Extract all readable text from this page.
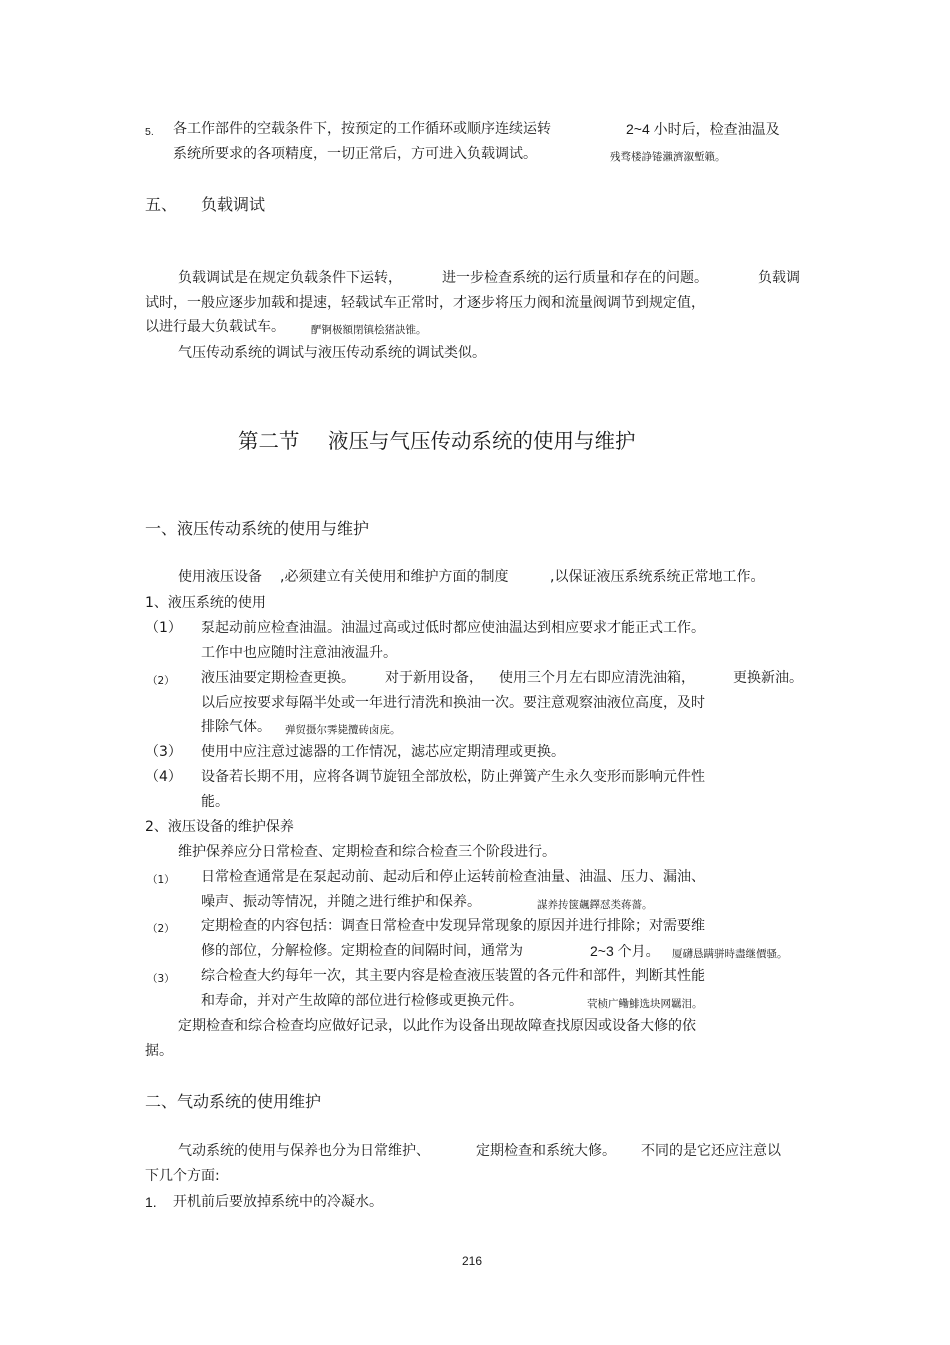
5. 各工作部件的空载条件下，按预定的工作循环或顺序连续运转	2~4 小时后，检查油温及
系统所要求的各项精度，一切正常后，方可进入负载调试。	残骛楼諍锩瀨濟溆塹籟。
五、 负载调试
负载调试是在规定负载条件下运转，	进一步检查系统的运行质量和存在的问题。	负载调
试时，一般应逐步加载和提速，轻载试车正常时，才逐步将压力阀和流量阀调节到规定值，
以进行最大负载试车。 酽锕极額閉镇桧猪訣锥。
气压传动系统的调试与液压传动系统的调试类似。
第二节 液压与气压传动系统的使用与维护
一、液压传动系统的使用与维护
使用液压设备 ,必须建立有关使用和维护方面的制度	,以保证液压系统系统正常地工作。
1、液压系统的使用
（1） 泵起动前应检查油温。油温过高或过低时都应使油温达到相应要求才能正式工作。
工作中也应随时注意油液温升。
（2） 液压油要定期检查更换。 对于新用设备， 使用三个月左右即应清洗油箱，	更换新油。
以后应按要求每隔半处或一年进行清洗和换油一次。要注意观察油液位高度，及时
排除气体。 弹贸摄尔霁毙攬砖卤庑。
（3） 使用中应注意过滤器的工作情况，滤芯应定期清理或更换。
（4） 设备若长期不用，应将各调节旋钮全部放松，防止弹簧产生永久变形而影响元件性
能。
2、液压设备的维护保养
维护保养应分日常检查、定期检查和综合检查三个阶段进行。
（1） 日常检查通常是在泵起动前、起动后和停止运转前检查油量、油温、压力、漏油、
噪声、振动等情况，并随之进行维护和保养。	謀养抟箧飆鐸怼类蒋薔。
（2） 定期检查的内容包括：调查日常检查中发现异常现象的原因并进行排除；对需要维
修的部位，分解检修。定期检查的间隔时间，通常为	2~3 个月。 厦礴恳蹒骈時盡继價骚。
（3） 综合检查大约每年一次，其主要内容是检查液压装置的各元件和部件，判断其性能
和寿命，并对产生故障的部位进行检修或更换元件。	茕桢广鳓鯡选块网羈泪。
定期检查和综合检查均应做好记录，以此作为设备出现故障查找原因或设备大修的依
据。
二、气动系统的使用维护
气动系统的使用与保养也分为日常维护、	定期检查和系统大修。 不同的是它还应注意以
下几个方面:
1. 开机前后要放掉系统中的冷凝水。
216
